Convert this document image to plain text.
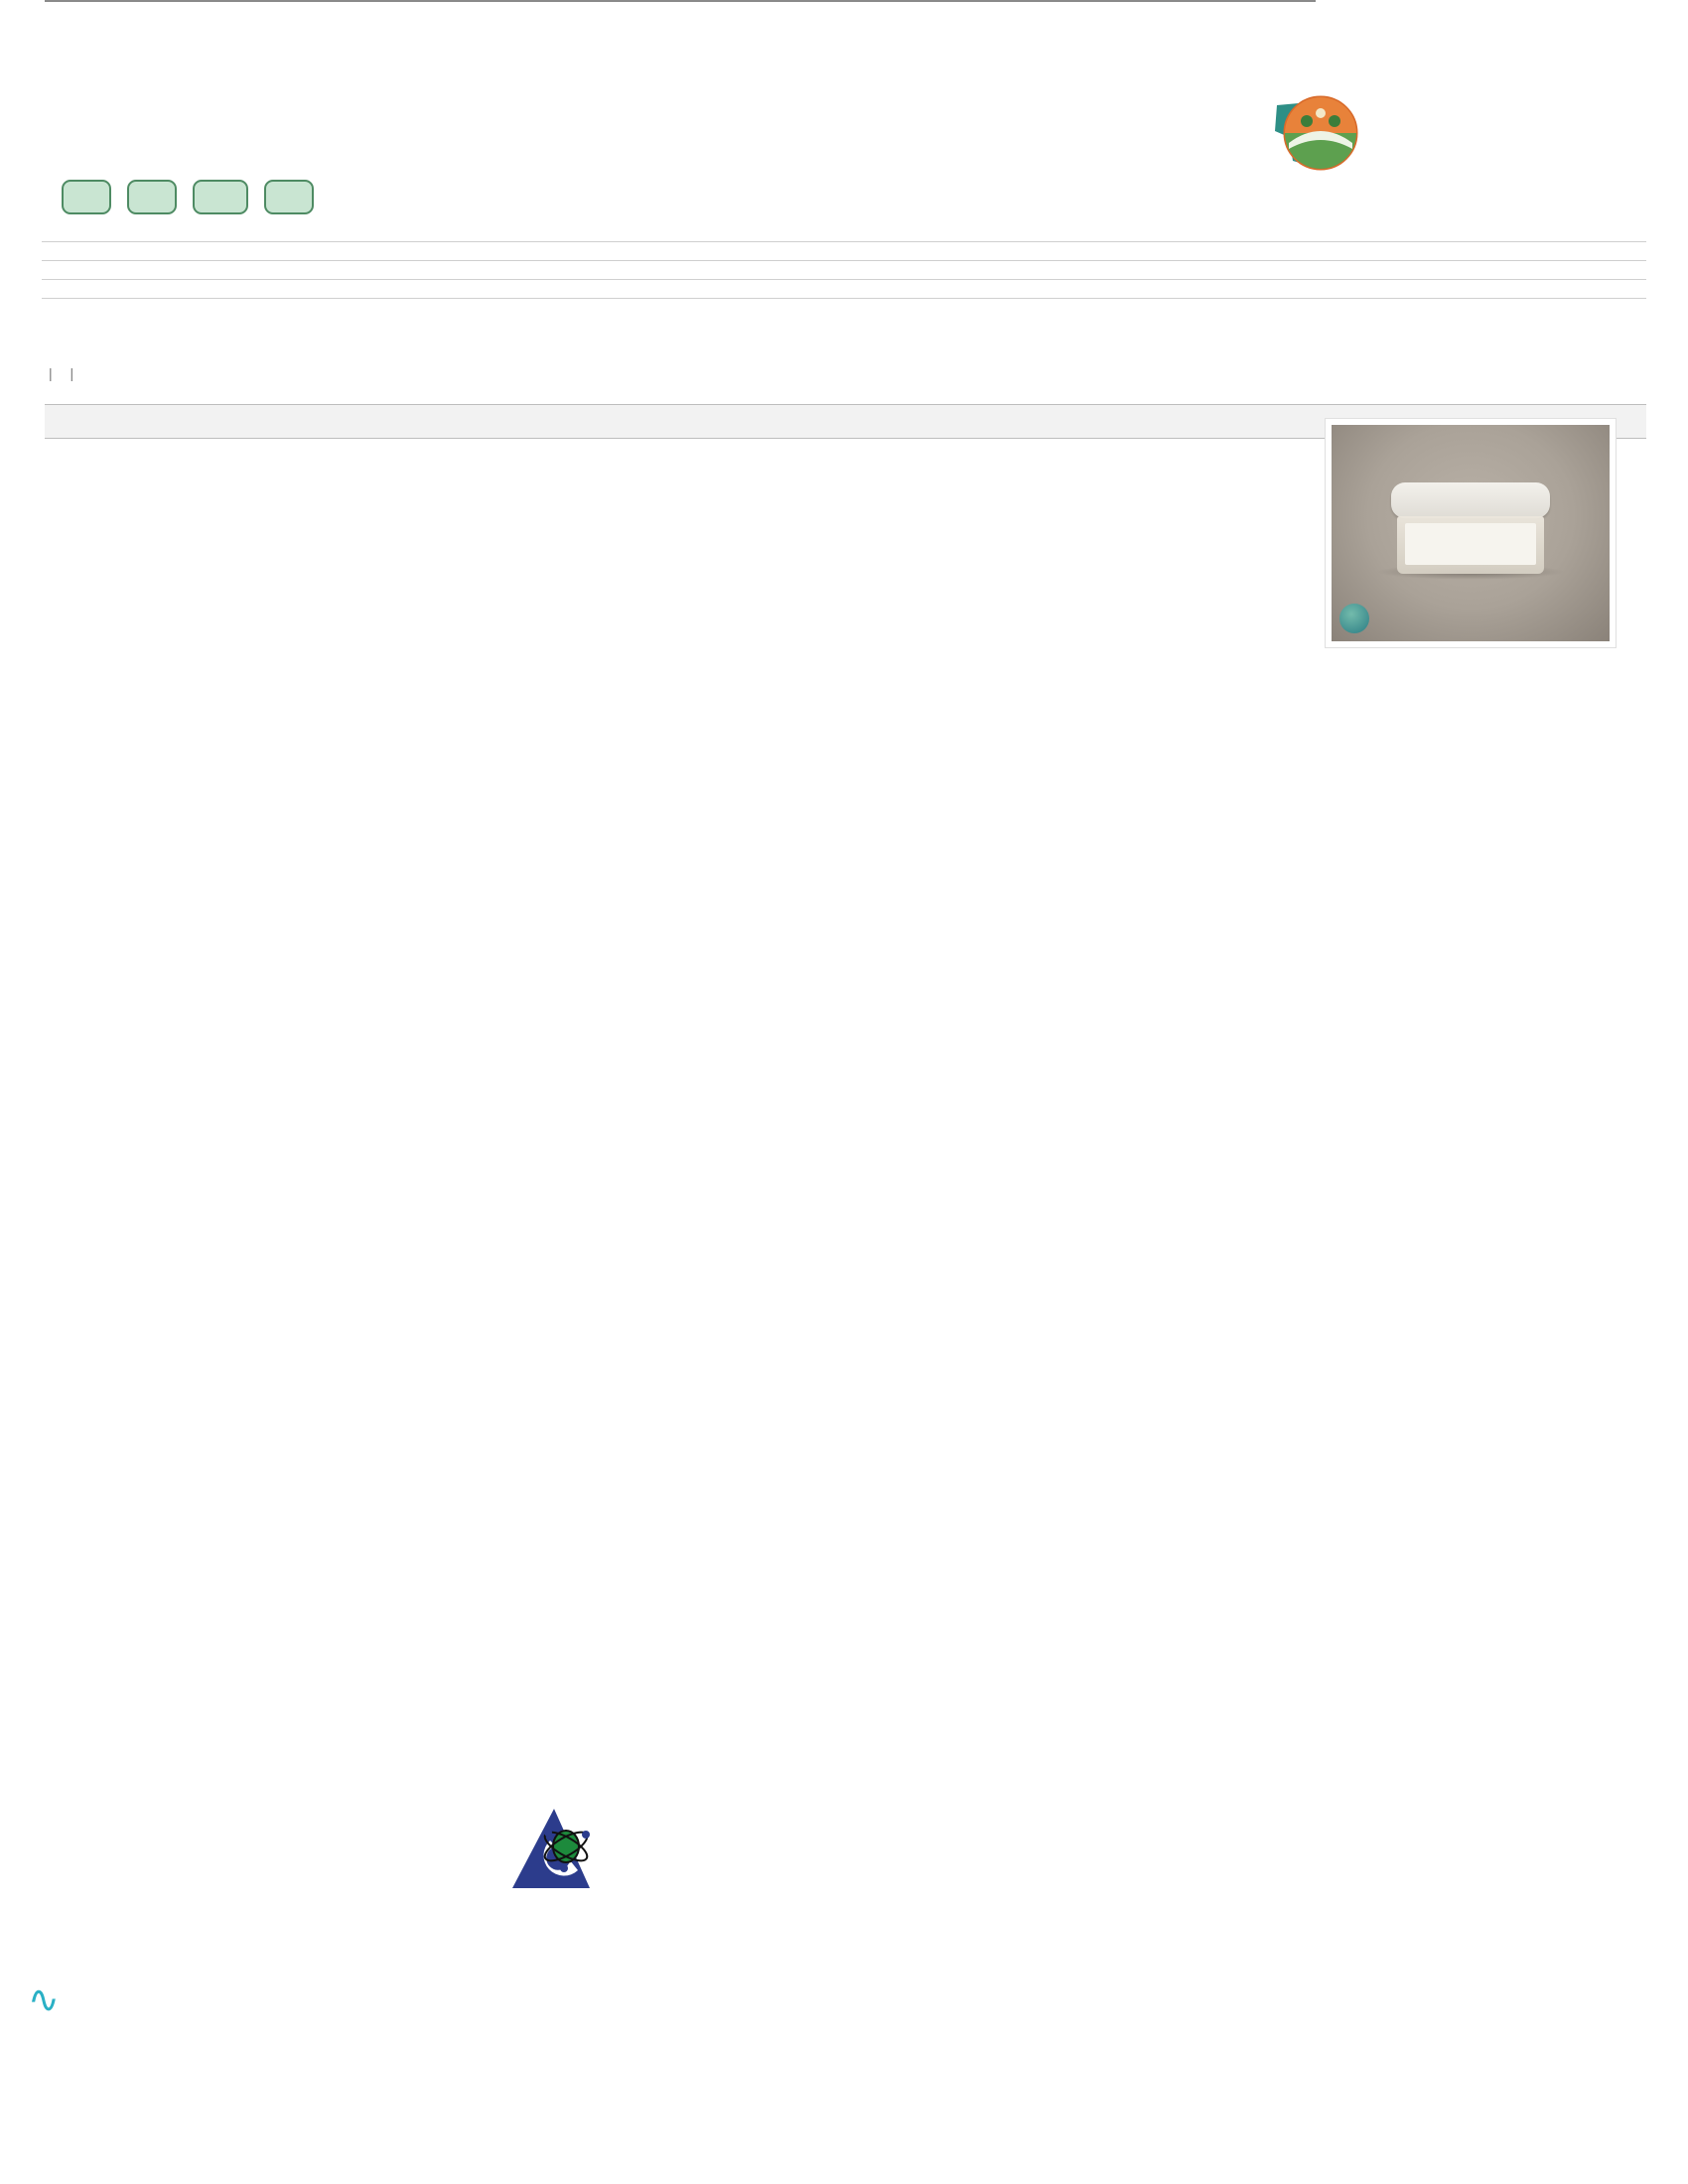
| |

∿
